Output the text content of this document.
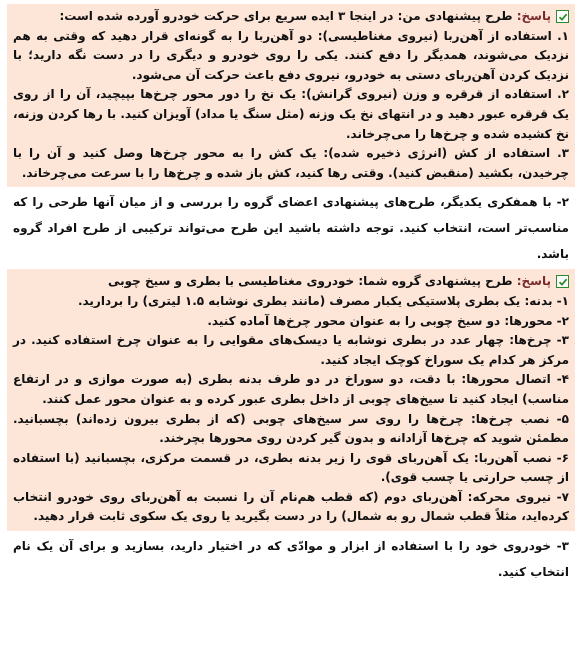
پاسخ: طرح پیشنهادی من: در اینجا ۳ ایده سریع برای حرکت خودرو آورده شده است:

۱. استفاده از آهن‌ربا (نیروی مغناطیسی): دو آهن‌ربا را به گونه‌ای قرار دهید که وقتی به هم نزدیک می‌شوند، همدیگر را دفع کنند. یکی را روی خودرو و دیگری را در دست نگه دارید؛ با نزدیک کردن آهن‌ربای دستی به خودرو، نیروی دفع باعث حرکت آن می‌شود.

۲. استفاده از قرقره و وزن (نیروی گرانش): یک نخ را دور محور چرخ‌ها بپیچید، آن را از روی یک قرقره عبور دهید و در انتهای نخ یک وزنه (مثل سنگ یا مداد) آویزان کنید. با رها کردن وزنه، نخ کشیده شده و چرخ‌ها را می‌چرخاند.

۳. استفاده از کش (انرژی ذخیره شده): یک کش را به محور چرخ‌ها وصل کنید و آن را با چرخیدن، بکشید (منقبض کنید). وقتی رها کنید، کش باز شده و چرخ‌ها را با سرعت می‌چرخاند.

۲- با همفکری یکدیگر، طرح‌های پیشنهادی اعضای گروه را بررسی و از میان آنها طرحی را که مناسب‌تر است، انتخاب کنید. توجه داشته باشید این طرح می‌تواند ترکیبی از طرح افراد گروه باشد.

پاسخ: طرح پیشنهادی گروه شما: خودروی مغناطیسی با بطری و سیخ چوبی

۱- بدنه: یک بطری پلاستیکی یکبار مصرف (مانند بطری نوشابه ۱.۵ لیتری) را بردارید.

۲- محورها: دو سیخ چوبی را به عنوان محور چرخ‌ها آماده کنید.

۳- چرخ‌ها: چهار عدد در بطری نوشابه یا دیسک‌های مقوایی را به عنوان چرخ استفاده کنید. در مرکز هر کدام یک سوراخ کوچک ایجاد کنید.

۴- اتصال محورها: با دقت، دو سوراخ در دو طرف بدنه بطری (به صورت موازی و در ارتفاع مناسب) ایجاد کنید تا سیخ‌های چوبی از داخل بطری عبور کرده و به عنوان محور عمل کنند.

۵- نصب چرخ‌ها: چرخ‌ها را روی سر سیخ‌های چوبی (که از بطری بیرون زده‌اند) بچسبانید. مطمئن شوید که چرخ‌ها آزادانه و بدون گیر کردن روی محورها بچرخند.

۶- نصب آهن‌ربا: یک آهن‌ربای قوی را زیر بدنه بطری، در قسمت مرکزی، بچسبانید (با استفاده از چسب حرارتی یا چسب قوی).

۷- نیروی محرکه: آهن‌ربای دوم (که قطب هم‌نام آن را نسبت به آهن‌ربای روی خودرو انتخاب کرده‌اید، مثلاً قطب شمال رو به شمال) را در دست بگیرید یا روی یک سکوی ثابت قرار دهید.

۳- خودروی خود را با استفاده از ابزار و موادّی که در اختیار دارید، بسازید و برای آن یک نام انتخاب کنید.
